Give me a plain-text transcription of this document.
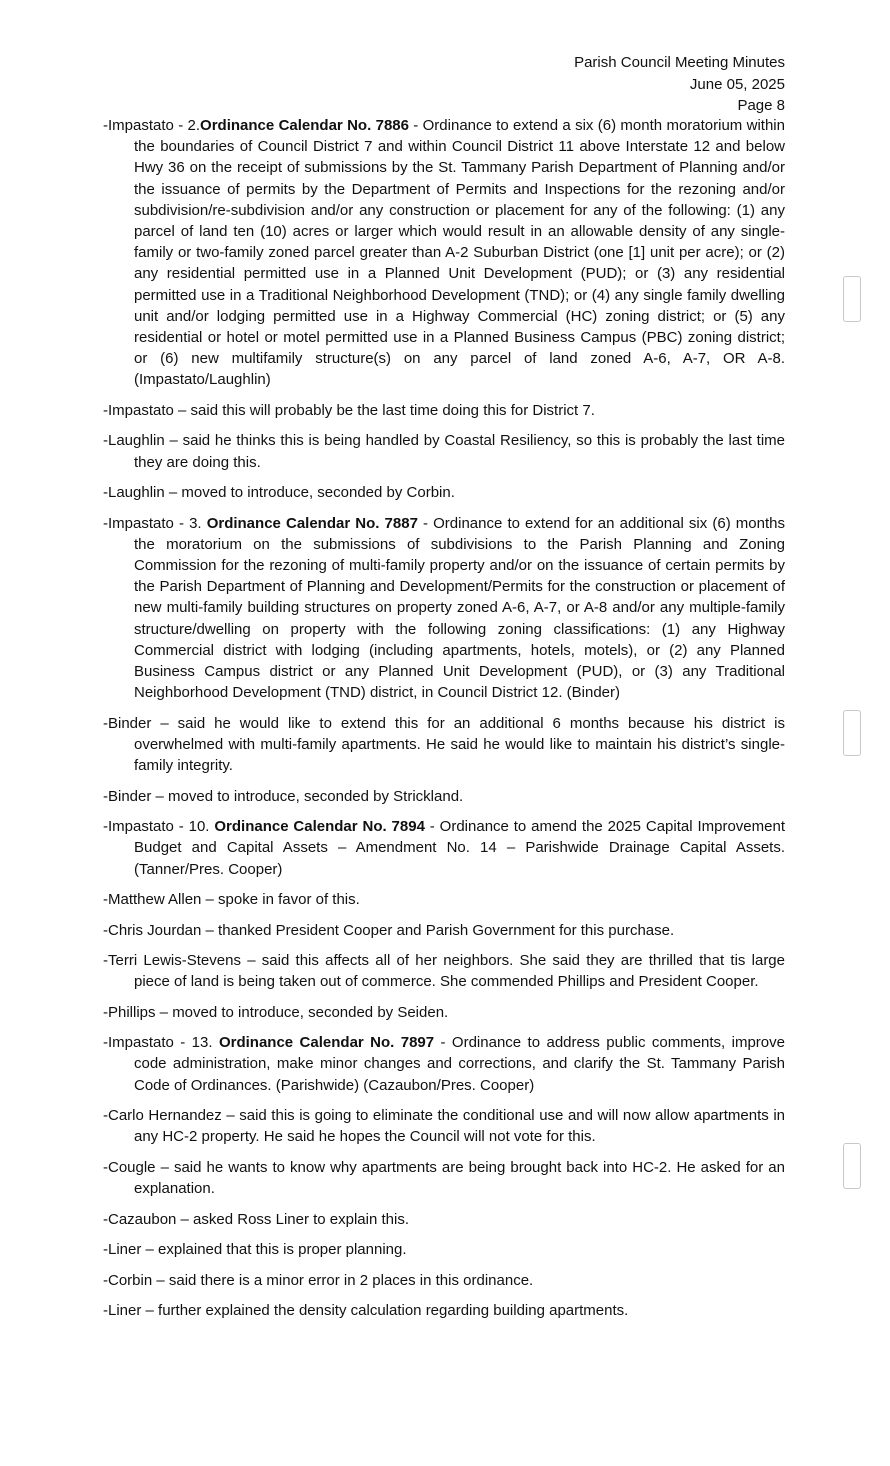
Parish Council Meeting Minutes
June 05, 2025
Page 8

-Impastato - 2.Ordinance Calendar No. 7886 - Ordinance to extend a six (6) month moratorium within the boundaries of Council District 7 and within Council District 11 above Interstate 12 and below Hwy 36 on the receipt of submissions by the St. Tammany Parish Department of Planning and/or the issuance of permits by the Department of Permits and Inspections for the rezoning and/or subdivision/re-subdivision and/or any construction or placement for any of the following: (1) any parcel of land ten (10) acres or larger which would result in an allowable density of any single-family or two-family zoned parcel greater than A-2 Suburban District (one [1] unit per acre); or (2) any residential permitted use in a Planned Unit Development (PUD); or (3) any residential permitted use in a Traditional Neighborhood Development (TND); or (4) any single family dwelling unit and/or lodging permitted use in a Highway Commercial (HC) zoning district; or (5) any residential or hotel or motel permitted use in a Planned Business Campus (PBC) zoning district; or (6) new multifamily structure(s) on any parcel of land zoned A-6, A-7, OR A-8. (Impastato/Laughlin)

-Impastato – said this will probably be the last time doing this for District 7.

-Laughlin – said he thinks this is being handled by Coastal Resiliency, so this is probably the last time they are doing this.

-Laughlin – moved to introduce, seconded by Corbin.

-Impastato - 3. Ordinance Calendar No. 7887 - Ordinance to extend for an additional six (6) months the moratorium on the submissions of subdivisions to the Parish Planning and Zoning Commission for the rezoning of multi-family property and/or on the issuance of certain permits by the Parish Department of Planning and Development/Permits for the construction or placement of new multi-family building structures on property zoned A-6, A-7, or A-8 and/or any multiple-family structure/dwelling on property with the following zoning classifications: (1) any Highway Commercial district with lodging (including apartments, hotels, motels), or (2) any Planned Business Campus district or any Planned Unit Development (PUD), or (3) any Traditional Neighborhood Development (TND) district, in Council District 12. (Binder)

-Binder – said he would like to extend this for an additional 6 months because his district is overwhelmed with multi-family apartments. He said he would like to maintain his district’s single-family integrity.

-Binder – moved to introduce, seconded by Strickland.

-Impastato - 10. Ordinance Calendar No. 7894 - Ordinance to amend the 2025 Capital Improvement Budget and Capital Assets – Amendment No. 14 – Parishwide Drainage Capital Assets. (Tanner/Pres. Cooper)

-Matthew Allen – spoke in favor of this.

-Chris Jourdan – thanked President Cooper and Parish Government for this purchase.

-Terri Lewis-Stevens – said this affects all of her neighbors. She said they are thrilled that tis large piece of land is being taken out of commerce. She commended Phillips and President Cooper.

-Phillips – moved to introduce, seconded by Seiden.

-Impastato - 13. Ordinance Calendar No. 7897 - Ordinance to address public comments, improve code administration, make minor changes and corrections, and clarify the St. Tammany Parish Code of Ordinances. (Parishwide) (Cazaubon/Pres. Cooper)

-Carlo Hernandez – said this is going to eliminate the conditional use and will now allow apartments in any HC-2 property. He said he hopes the Council will not vote for this.

-Cougle – said he wants to know why apartments are being brought back into HC-2. He asked for an explanation.

-Cazaubon – asked Ross Liner to explain this.

-Liner – explained that this is proper planning.

-Corbin – said there is a minor error in 2 places in this ordinance.

-Liner – further explained the density calculation regarding building apartments.
